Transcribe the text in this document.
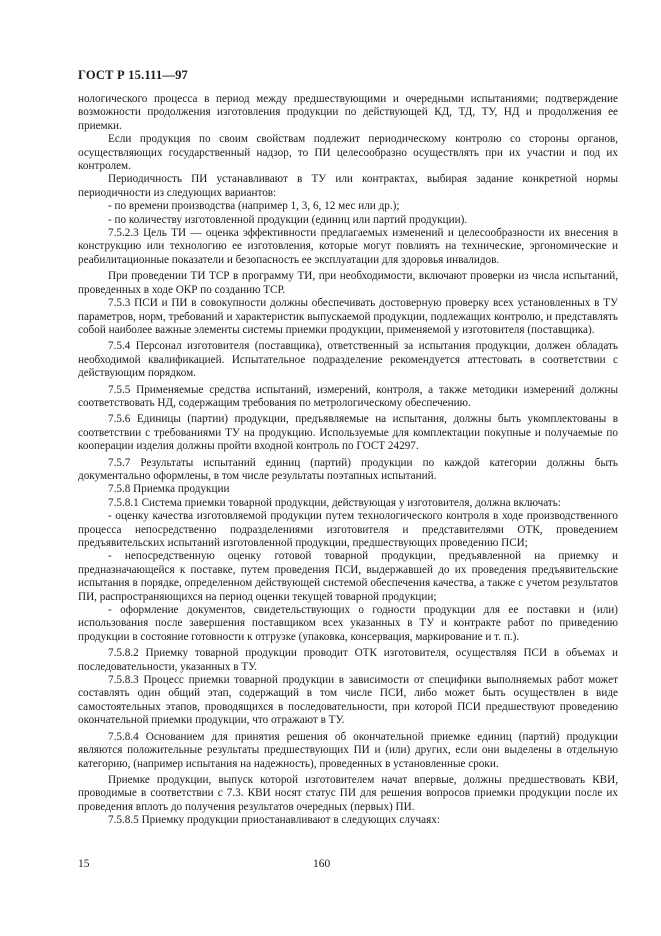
ГОСТ Р 15.111—97

нологического процесса в период между предшествующими и очередными испытаниями; подтверждение возможности продолжения изготовления продукции по действующей КД, ТД, ТУ, НД и продолжения ее приемки.

Если продукция по своим свойствам подлежит периодическому контролю со стороны органов, осуществляющих государственный надзор, то ПИ целесообразно осуществлять при их участии и под их контролем.

Периодичность ПИ устанавливают в ТУ или контрактах, выбирая задание конкретной нормы периодичности из следующих вариантов:

- по времени производства (например 1, 3, 6, 12 мес или др.);

- по количеству изготовленной продукции (единиц или партий продукции).

7.5.2.3 Цель ТИ — оценка эффективности предлагаемых изменений и целесообразности их внесения в конструкцию или технологию ее изготовления, которые могут повлиять на технические, эргономические и реабилитационные показатели и безопасность ее эксплуатации для здоровья инвалидов.

При проведении ТИ ТСР в программу ТИ, при необходимости, включают проверки из числа испытаний, проведенных в ходе ОКР по созданию ТСР.

7.5.3 ПСИ и ПИ в совокупности должны обеспечивать достоверную проверку всех установленных в ТУ параметров, норм, требований и характеристик выпускаемой продукции, подлежащих контролю, и представлять собой наиболее важные элементы системы приемки продукции, применяемой у изготовителя (поставщика).

7.5.4 Персонал изготовителя (поставщика), ответственный за испытания продукции, должен обладать необходимой квалификацией. Испытательное подразделение рекомендуется аттестовать в соответствии с действующим порядком.

7.5.5 Применяемые средства испытаний, измерений, контроля, а также методики измерений должны соответствовать НД, содержащим требования по метрологическому обеспечению.

7.5.6 Единицы (партии) продукции, предъявляемые на испытания, должны быть укомплектованы в соответствии с требованиями ТУ на продукцию. Используемые для комплектации покупные и получаемые по кооперации изделия должны пройти входной контроль по ГОСТ 24297.

7.5.7 Результаты испытаний единиц (партий) продукции по каждой категории должны быть документально оформлены, в том числе результаты поэтапных испытаний.

7.5.8 Приемка продукции

7.5.8.1 Система приемки товарной продукции, действующая у изготовителя, должна включать:

- оценку качества изготовляемой продукции путем технологического контроля в ходе производственного процесса непосредственно подразделениями изготовителя и представителями ОТК, проведением предъявительских испытаний изготовленной продукции, предшествующих проведению ПСИ;

- непосредственную оценку готовой товарной продукции, предъявленной на приемку и предназначающейся к поставке, путем проведения ПСИ, выдержавшей до их проведения предъявительские испытания в порядке, определенном действующей системой обеспечения качества, а также с учетом результатов ПИ, распространяющихся на период оценки текущей товарной продукции;

- оформление документов, свидетельствующих о годности продукции для ее поставки и (или) использования после завершения поставщиком всех указанных в ТУ и контракте работ по приведению продукции в состояние готовности к отгрузке (упаковка, консервация, маркирование и т. п.).

7.5.8.2 Приемку товарной продукции проводит ОТК изготовителя, осуществляя ПСИ в объемах и последовательности, указанных в ТУ.

7.5.8.3 Процесс приемки товарной продукции в зависимости от специфики выполняемых работ может составлять один общий этап, содержащий в том числе ПСИ, либо может быть осуществлен в виде самостоятельных этапов, проводящихся в последовательности, при которой ПСИ предшествуют проведению окончательной приемки продукции, что отражают в ТУ.

7.5.8.4 Основанием для принятия решения об окончательной приемке единиц (партий) продукции являются положительные результаты предшествующих ПИ и (или) других, если они выделены в отдельную категорию, (например испытания на надежность), проведенных в установленные сроки.

Приемке продукции, выпуск которой изготовителем начат впервые, должны предшествовать КВИ, проводимые в соответствии с 7.3. КВИ носят статус ПИ для решения вопросов приемки продукции после их проведения вплоть до получения результатов очередных (первых) ПИ.

7.5.8.5 Приемку продукции приостанавливают в следующих случаях:

15	160
